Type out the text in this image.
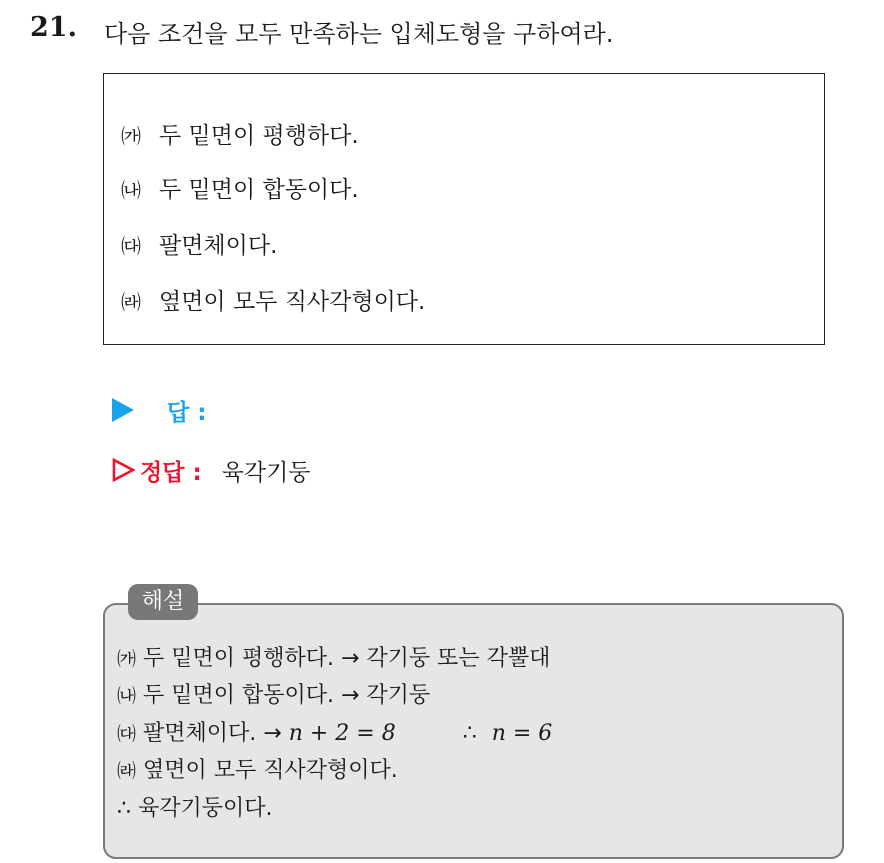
21. 다음 조건을 모두 만족하는 입체도형을 구하여라.
㈎ 두 밑면이 평행하다.
㈏ 두 밑면이 합동이다.
㈐ 팔면체이다.
㈑ 옆면이 모두 직사각형이다.
답 :
정답 : 육각기둥
해설
㈎ 두 밑면이 평행하다. → 각기둥 또는 각뿔대
㈏ 두 밑면이 합동이다. → 각기둥
㈐ 팔면체이다. → n + 2 = 8	∴ n = 6
㈑ 옆면이 모두 직사각형이다.
∴ 육각기둥이다.
